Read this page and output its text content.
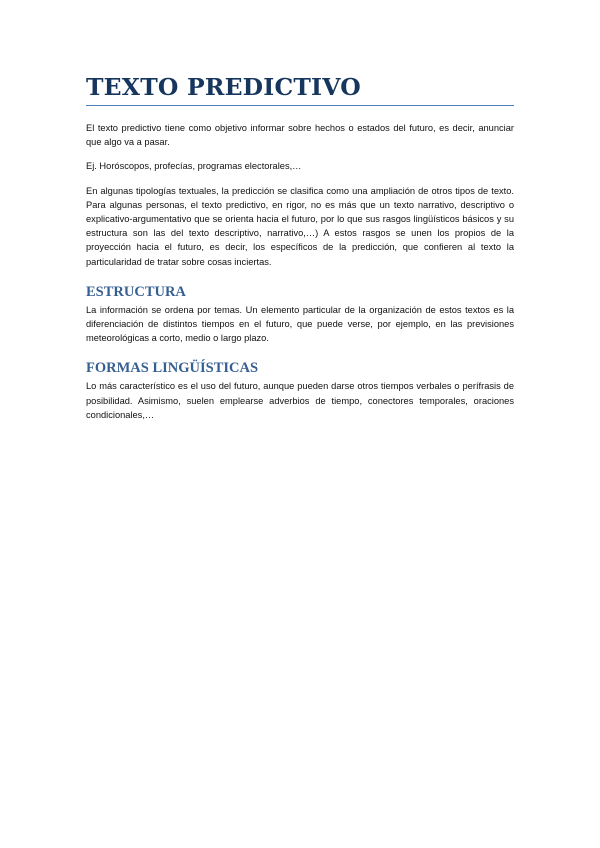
TEXTO PREDICTIVO

El texto predictivo tiene como objetivo informar sobre hechos o estados del futuro, es decir, anunciar que algo va a pasar.

Ej. Horóscopos, profecías, programas electorales,…

En algunas tipologías textuales, la predicción se clasifica como una ampliación de otros tipos de texto. Para algunas personas, el texto predictivo, en rigor, no es más que un texto narrativo, descriptivo o explicativo-argumentativo que se orienta hacia el futuro, por lo que sus rasgos lingüísticos básicos y su estructura son las del texto descriptivo, narrativo,…) A estos rasgos se unen los propios de la proyección hacia el futuro, es decir, los específicos de la predicción, que confieren al texto la particularidad de tratar sobre cosas inciertas.

ESTRUCTURA

La información se ordena por temas. Un elemento particular de la organización de estos textos es la diferenciación de distintos tiempos en el futuro, que puede verse, por ejemplo, en las previsiones meteorológicas a corto, medio o largo plazo.

FORMAS LINGÜÍSTICAS

Lo más característico es el uso del futuro, aunque pueden darse otros tiempos verbales o perífrasis de posibilidad. Asimismo, suelen emplearse adverbios de tiempo, conectores temporales, oraciones condicionales,…
